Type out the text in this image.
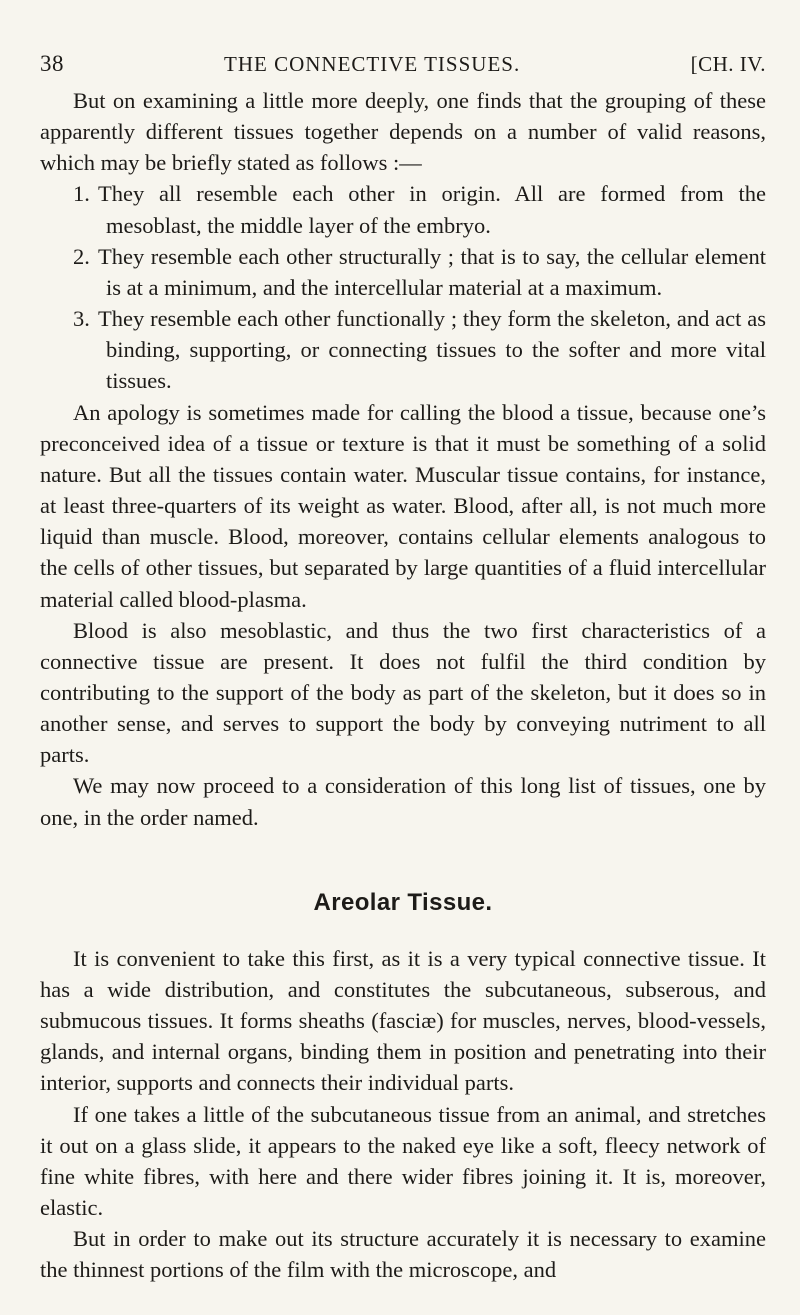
38	THE CONNECTIVE TISSUES.
[	CH. IV.

But on examining a little more deeply, one finds that the grouping of these apparently different tissues together depends on a number of valid reasons, which may be briefly stated as follows :—

1. They all resemble each other in origin. All are formed from the mesoblast, the middle layer of the embryo.

2. They resemble each other structurally ; that is to say, the cellular element is at a minimum, and the intercellular material at a maximum.

3. They resemble each other functionally ; they form the skeleton, and act as binding, supporting, or connecting tissues to the softer and more vital tissues.

An apology is sometimes made for calling the blood a tissue, because one’s preconceived idea of a tissue or texture is that it must be something of a solid nature. But all the tissues contain water. Muscular tissue contains, for instance, at least three-quarters of its weight as water. Blood, after all, is not much more liquid than muscle. Blood, moreover, contains cellular elements analogous to the cells of other tissues, but separated by large quantities of a fluid intercellular material called blood-plasma.

Blood is also mesoblastic, and thus the two first characteristics of a connective tissue are present. It does not fulfil the third condition by contributing to the support of the body as part of the skeleton, but it does so in another sense, and serves to support the body by conveying nutriment to all parts.

We may now proceed to a consideration of this long list of tissues, one by one, in the order named.

Areolar Tissue.

It is convenient to take this first, as it is a very typical connective tissue. It has a wide distribution, and constitutes the subcutaneous, subserous, and submucous tissues. It forms sheaths (fasciæ) for muscles, nerves, blood-vessels, glands, and internal organs, binding them in position and penetrating into their interior, supports and connects their individual parts.

If one takes a little of the subcutaneous tissue from an animal, and stretches it out on a glass slide, it appears to the naked eye like a soft, fleecy network of fine white fibres, with here and there wider fibres joining it. It is, moreover, elastic.

But in order to make out its structure accurately it is necessary to examine the thinnest portions of the film with the microscope, and
